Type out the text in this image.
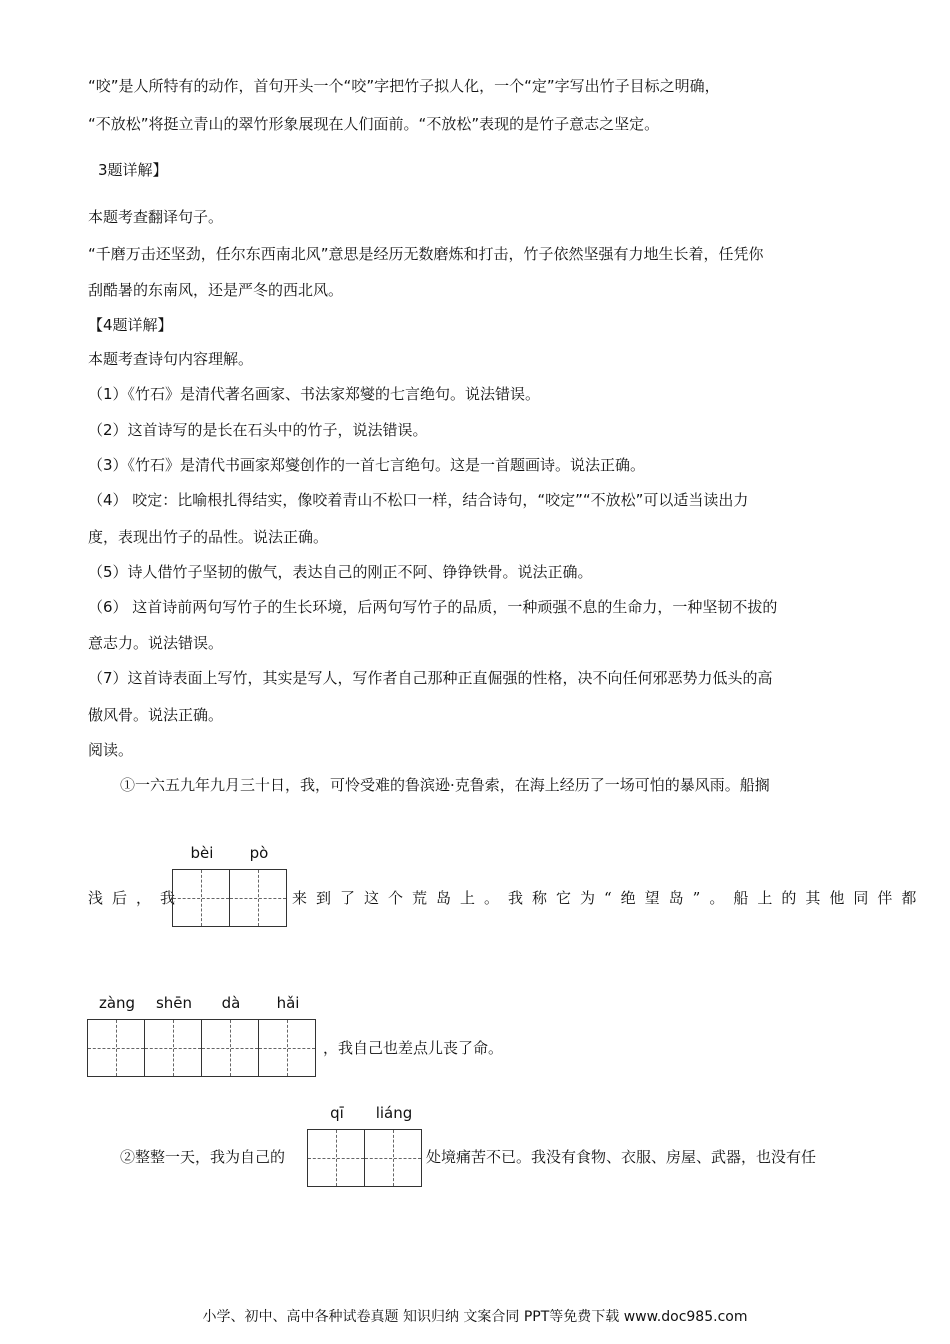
“咬”是人所特有的动作，首句开头一个“咬”字把竹子拟人化，一个“定”字写出竹子目标之明确，
“不放松”将挺立青山的翠竹形象展现在人们面前。“不放松”表现的是竹子意志之坚定。
3题详解】
本题考查翻译句子。
“千磨万击还坚劲，任尔东西南北风”意思是经历无数磨炼和打击，竹子依然坚强有力地生长着，任凭你
刮酷暑的东南风，还是严冬的西北风。
【4题详解】
本题考查诗句内容理解。
（1）《竹石》是清代著名画家、书法家郑燮的七言绝句。说法错误。
（2）这首诗写的是长在石头中的竹子，说法错误。
（3）《竹石》是清代书画家郑燮创作的一首七言绝句。这是一首题画诗。说法正确。
（4） 咬定：比喻根扎得结实，像咬着青山不松口一样，结合诗句，“咬定”“不放松”可以适当读出力
度，表现出竹子的品性。说法正确。
（5）诗人借竹子坚韧的傲气，表达自己的刚正不阿、铮铮铁骨。说法正确。
（6） 这首诗前两句写竹子的生长环境，后两句写竹子的品质，一种顽强不息的生命力，一种坚韧不拔的
意志力。说法错误。
（7）这首诗表面上写竹，其实是写人，写作者自己那种正直倔强的性格，决不向任何邪恶势力低头的高
傲风骨。说法正确。
阅读。
①一六五九年九月三十日，我，可怜受难的鲁滨逊·克鲁索，在海上经历了一场可怕的暴风雨。船搁
浅后，我
bèi	pò
来到了这个荒岛上。我称它为“绝望岛”。船上的其他同伴都
zàng	shēn	dà	hǎi
，我自己也差点儿丧了命。
②整整一天，我为自己的
qī	liáng
处境痛苦不已。我没有食物、衣服、房屋、武器，也没有任
小学、初中、高中各种试卷真题 知识归纳 文案合同 PPT等免费下载 www.doc985.com
